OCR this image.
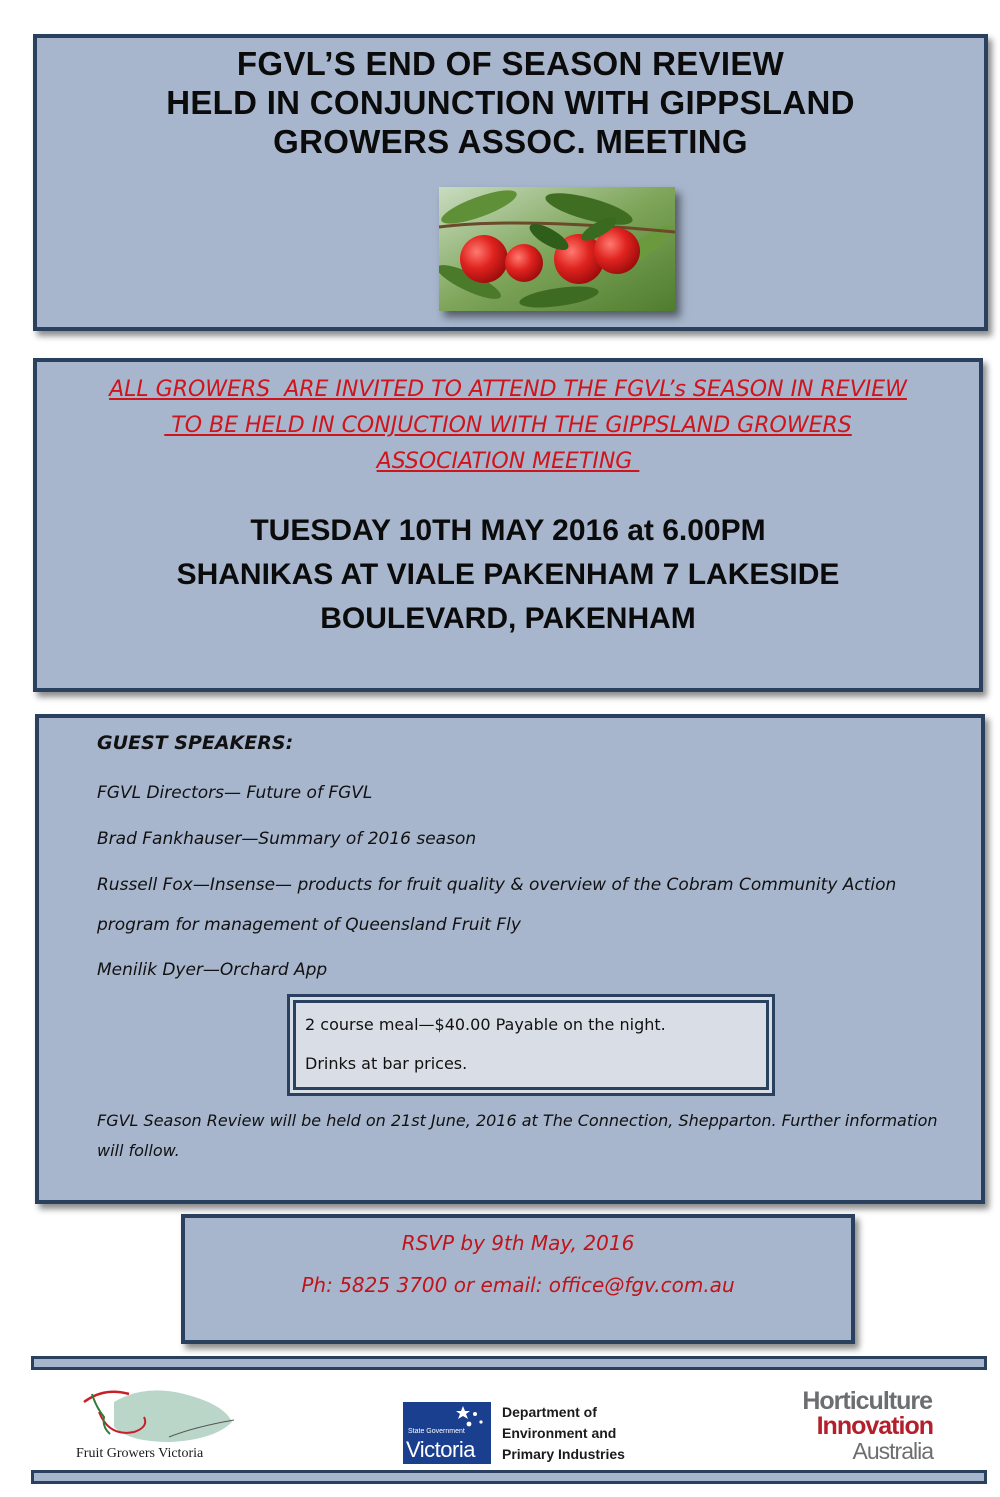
FGVL’S END OF SEASON REVIEW
HELD IN CONJUNCTION WITH GIPPSLAND
GROWERS ASSOC. MEETING
ALL GROWERS  ARE INVITED TO ATTEND THE FGVL’s SEASON IN REVIEW
TO BE HELD IN CONJUCTION WITH THE GIPPSLAND GROWERS
ASSOCIATION MEETING
TUESDAY 10TH MAY 2016 at 6.00PM
SHANIKAS AT VIALE PAKENHAM 7 LAKESIDE
BOULEVARD, PAKENHAM
GUEST SPEAKERS:
FGVL Directors— Future of FGVL
Brad Fankhauser—Summary of 2016 season
Russell Fox—Insense— products for fruit quality & overview of the Cobram Community Action
program for management of Queensland Fruit Fly
Menilik Dyer—Orchard App
2 course meal—$40.00 Payable on the night.
Drinks at bar prices.
FGVL Season Review will be held on 21st June, 2016 at The Connection, Shepparton. Further information will follow.
RSVP by 9th May, 2016
Ph: 5825 3700 or email: office@fgv.com.au
Fruit Growers Victoria
State Government
Victoria
Department of
Environment and
Primary Industries
Horticulture
Innovation
Australia
